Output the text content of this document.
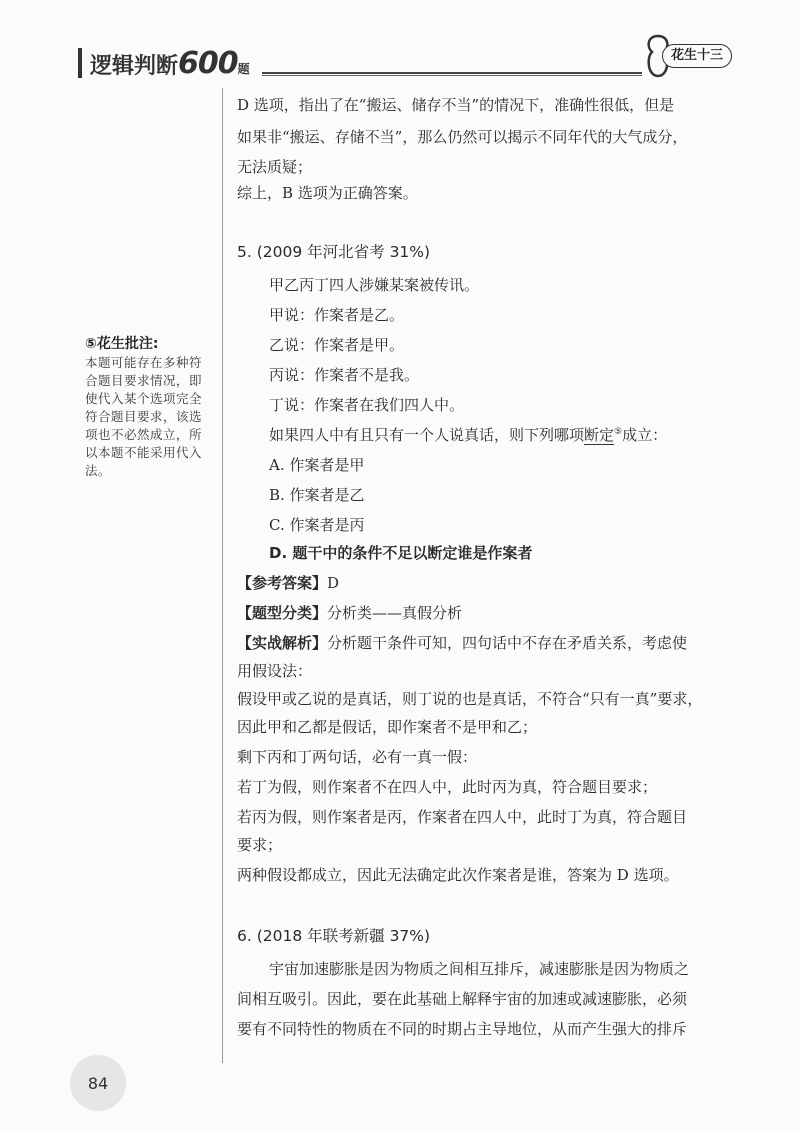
逻辑判断600题
花生十三
⑤花生批注:
本题可能存在多种符
合题目要求情况，即
使代入某个选项完全
符合题目要求，该选
项也不必然成立，所
以本题不能采用代入
法。
D 选项，指出了在“搬运、储存不当”的情况下，准确性很低，但是
如果非“搬运、存储不当”，那么仍然可以揭示不同年代的大气成分，
无法质疑；
综上，B 选项为正确答案。
5. (2009 年河北省考 31%)
甲乙丙丁四人涉嫌某案被传讯。
甲说：作案者是乙。
乙说：作案者是甲。
丙说：作案者不是我。
丁说：作案者在我们四人中。
如果四人中有且只有一个人说真话，则下列哪项断定⑤成立：
A. 作案者是甲
B. 作案者是乙
C. 作案者是丙
D. 题干中的条件不足以断定谁是作案者
【参考答案】D
【题型分类】分析类——真假分析
【实战解析】分析题干条件可知，四句话中不存在矛盾关系，考虑使
用假设法：
假设甲或乙说的是真话，则丁说的也是真话，不符合“只有一真”要求，
因此甲和乙都是假话，即作案者不是甲和乙；
剩下丙和丁两句话，必有一真一假：
若丁为假，则作案者不在四人中，此时丙为真，符合题目要求；
若丙为假，则作案者是丙，作案者在四人中，此时丁为真，符合题目
要求；
两种假设都成立，因此无法确定此次作案者是谁，答案为 D 选项。
6. (2018 年联考新疆 37%)
宇宙加速膨胀是因为物质之间相互排斥，减速膨胀是因为物质之
间相互吸引。因此，要在此基础上解释宇宙的加速或减速膨胀，必须
要有不同特性的物质在不同的时期占主导地位，从而产生强大的排斥
84
